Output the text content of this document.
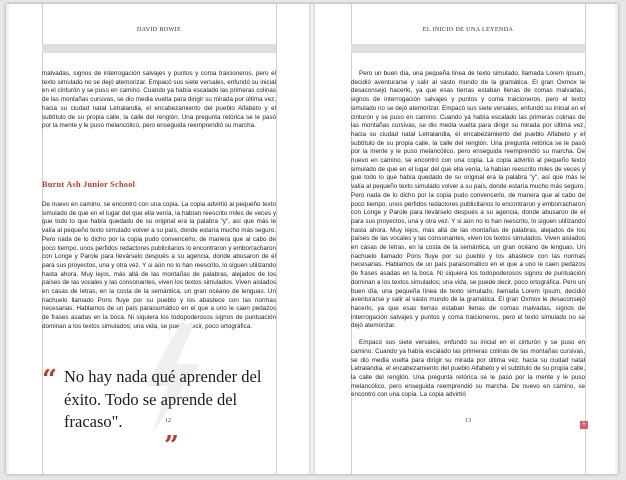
DAVID BOWIE

malvadas, signos de interrogación salvajes y puntos y coma traicioneros, pero el texto simulado no se dejó atemorizar. Empacó sus siete versales, enfundó su inicial en el cinturón y se puso en camino. Cuando ya había escalado las primeras colinas de las montañas cursivas, se dio media vuelta para dirigir su mirada por última vez, hacia su ciudad natal Letralandia, el encabezamiento del pueblo Alfabeto y el subtítulo de su propia calle, la calle del renglón. Una pregunta retórica se le pasó por la mente y le puso melancólico, pero enseguida reemprendió su marcha.

Burnt Ash Junior School

De nuevo en camino, se encontró con una copia. La copia advirtió al pequeño texto simulado de que en el lugar del que ella venía, la habían reescrito miles de veces y que todo lo que había quedado de su original era la palabra "y", así que más le valía al pequeño texto simulado volver a su país, donde estaría mucho más seguro. Pero nada de lo dicho por la copia pudo convencerlo, de manera que al cabo de poco tiempo, unos pérfidos redactores publicitarios lo encontraron y emborracharon con Longe y Parole para llevárselo después a su agencia, donde abusaron de él para sus proyectos, una y otra vez. Y si aún no lo han reescrito, lo siguen utilizando hasta ahora. Muy lejos, más allá de las montañas de palabras, alejados de los países de las vocales y las consonantes, viven los textos simulados. Viven aislados en casas de letras, en la costa de la semántica, un gran océano de lenguas. Un riachuelo llamado Pons fluye por su pueblo y los abastece con las normas necesarias. Hablamos de un país paraisomático en el que a uno le caen pedazos de frases asadas en la boca. Ni siquiera los todopoderosos signos de puntuación dominan a los textos simulados; una vida, se puede decir, poco ortográfica.

“ No hay nada qué aprender del éxito. Todo se aprende del fracaso".
”
12
EL INICIO DE UNA LEYENDA

Pero un buen día, una pequeña línea de texto simulado, llamada Lorem Ipsum, decidió aventurarse y salir al vasto mundo de la gramática. El gran Oxmox le desaconsejó hacerlo, ya que esas tierras estaban llenas de comas malvadas, signos de interrogación salvajes y puntos y coma traicioneros, pero el texto simulado no se dejó atemorizar. Empacó sus siete versales, enfundó su inicial en el cinturón y se puso en camino. Cuando ya había escalado las primeras colinas de las montañas cursivas, se dio media vuelta para dirigir su mirada por última vez, hacia su ciudad natal Letralandia, el encabezamiento del pueblo Alfabeto y el subtítulo de su propia calle, la calle del renglón. Una pregunta retórica se le pasó por la mente y le puso melancólico, pero enseguida reemprendió su marcha. De nuevo en camino, se encontró con una copia. La copia advirtió al pequeño texto simulado de que en el lugar del que ella venía, la habían reescrito miles de veces y que todo lo que había quedado de su original era la palabra "y", así que más le valía al pequeño texto simulado volver a su país, donde estaría mucho más seguro. Pero nada de lo dicho por la copia pudo convencerlo, de manera que al cabo de poco tiempo, unos pérfidos redactores publicitarios lo encontraron y emborracharon con Longe y Parole para llevárselo después a su agencia, donde abusaron de él para sus proyectos, una y otra vez. Y si aún no lo han reescrito, lo siguen utilizando hasta ahora. Muy lejos, más allá de las montañas de palabras, alejados de los países de las vocales y las consonantes, viven los textos simulados. Viven aislados en casas de letras, en la costa de la semántica, un gran océano de lenguas. Un riachuelo llamado Pons fluye por su pueblo y los abastece con las normas necesarias. Hablamos de un país paraisomático en el que a uno le caen pedazos de frases asadas en la boca. Ni siquiera los todopoderosos signos de puntuación dominan a los textos simulados; una vida, se puede decir, poco ortográfica. Pero un buen día, una pequeña línea de texto simulado, llamada Lorem Ipsum, decidió aventurarse y salir al vasto mundo de la gramática. El gran Oxmox le desaconsejó hacerlo, ya que esas tierras estaban llenas de comas malvadas, signos de interrogación salvajes y puntos y coma traicioneros, pero el texto simulado no se dejó atemorizar.

Empacó sus siete versales, enfundó su inicial en el cinturón y se puso en camino. Cuando ya había escalado las primeras colinas de las montañas cursivas, se dio media vuelta para dirigir su mirada por última vez, hacia su ciudad natal Letralandia, el encabezamiento del pueblo Alfabeto y el subtítulo de su propia calle, la calle del renglón. Una pregunta retórica se le pasó por la mente y le puso melancólico, pero enseguida reemprendió su marcha. De nuevo en camino, se encontró con una copia. La copia advirtió

13
+
